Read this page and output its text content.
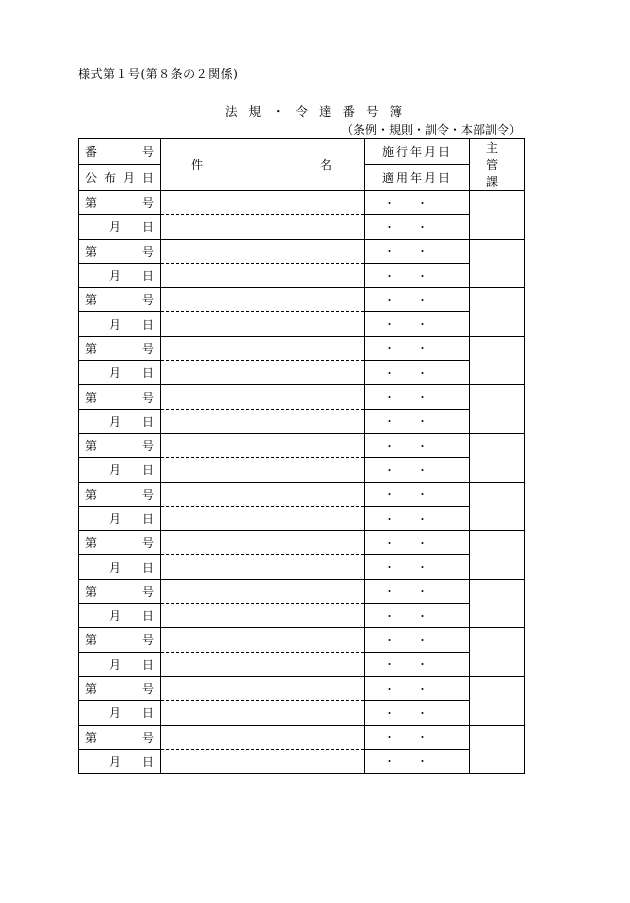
様式第１号(第８条の２関係)
法規・令達番号簿
（条例・規則・訓令・本部訓令）
番 号	件 名	施行年月日	主 管 課

公 布 月 日		適用年月日	

第 号		・・	

月 日		・・	

第 号		・・	

月 日		・・	

第 号		・・	

月 日		・・	

第 号		・・	

月 日		・・	

第 号		・・	

月 日		・・	

第 号		・・	

月 日		・・	

第 号		・・	

月 日		・・	

第 号		・・	

月 日		・・	

第 号		・・	

月 日		・・	

第 号		・・	

月 日		・・	

第 号		・・	

月 日		・・	

第 号		・・	

月 日		・・	
